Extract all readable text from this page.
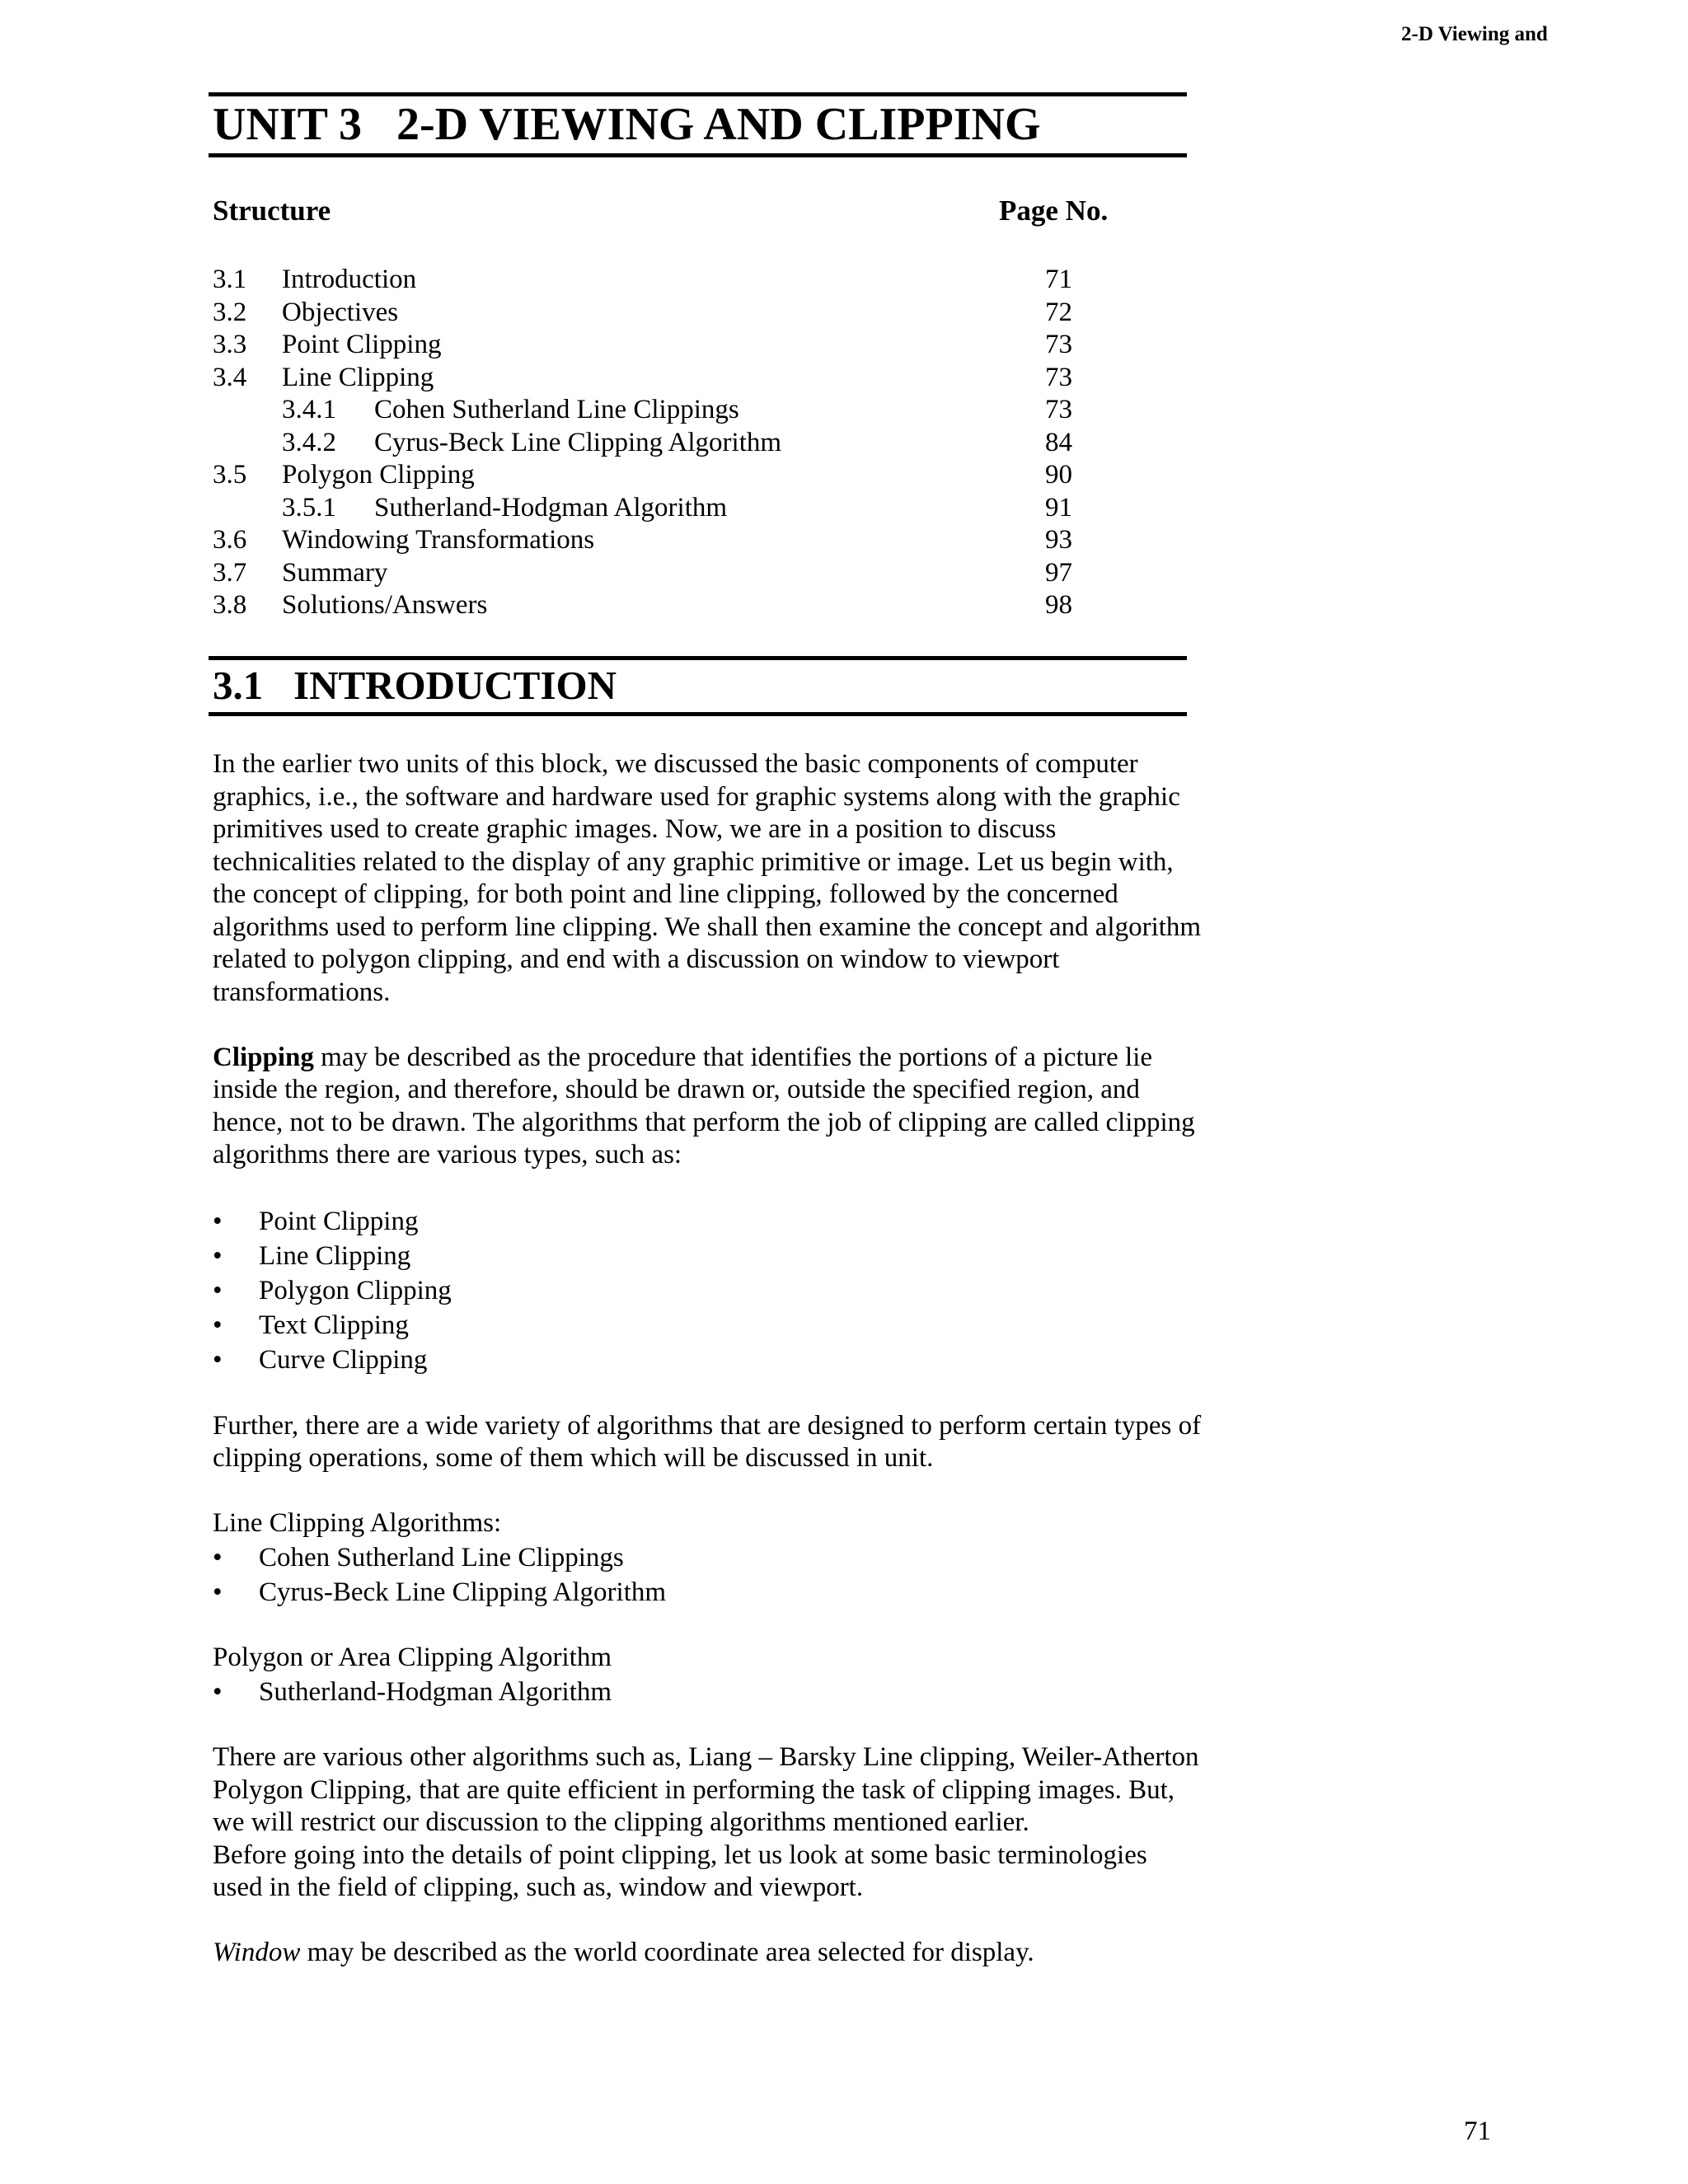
2-D Viewing and
UNIT 3   2-D VIEWING AND CLIPPING
Structure	Page No.
3.1 Introduction	71
3.2 Objectives	72
3.3 Point Clipping	73
3.4 Line Clipping	73
3.4.1 Cohen Sutherland Line Clippings	73
3.4.2 Cyrus-Beck Line Clipping Algorithm	84
3.5 Polygon Clipping	90
3.5.1 Sutherland-Hodgman Algorithm	91
3.6 Windowing Transformations	93
3.7 Summary	97
3.8 Solutions/Answers	98
3.1   INTRODUCTION

In the earlier two units of this block, we discussed the basic components of computer graphics, i.e., the software and hardware used for graphic systems along with the graphic primitives used to create graphic images. Now, we are in a position to discuss technicalities related to the display of any graphic primitive or image. Let us begin with, the concept of clipping, for both point and line clipping, followed by the concerned algorithms used to perform line clipping. We shall then examine the concept and algorithm related to polygon clipping, and end with a discussion on window to viewport transformations.

Clipping may be described as the procedure that identifies the portions of a picture lie inside the region, and therefore, should be drawn or, outside the specified region, and hence, not to be drawn. The algorithms that perform the job of clipping are called clipping algorithms there are various types, such as:

• Point Clipping
• Line Clipping
• Polygon Clipping
• Text Clipping
• Curve Clipping

Further, there are a wide variety of algorithms that are designed to perform certain types of clipping operations, some of them which will be discussed in unit.

Line Clipping Algorithms:

• Cohen Sutherland Line Clippings
• Cyrus-Beck Line Clipping Algorithm

Polygon or Area Clipping Algorithm

• Sutherland-Hodgman Algorithm

There are various other algorithms such as, Liang – Barsky Line clipping, Weiler-Atherton Polygon Clipping, that are quite efficient in performing the task of clipping images. But, we will restrict our discussion to the clipping algorithms mentioned earlier.

Before going into the details of point clipping, let us look at some basic terminologies used in the field of clipping, such as, window and viewport.

Window may be described as the world coordinate area selected for display.

71
